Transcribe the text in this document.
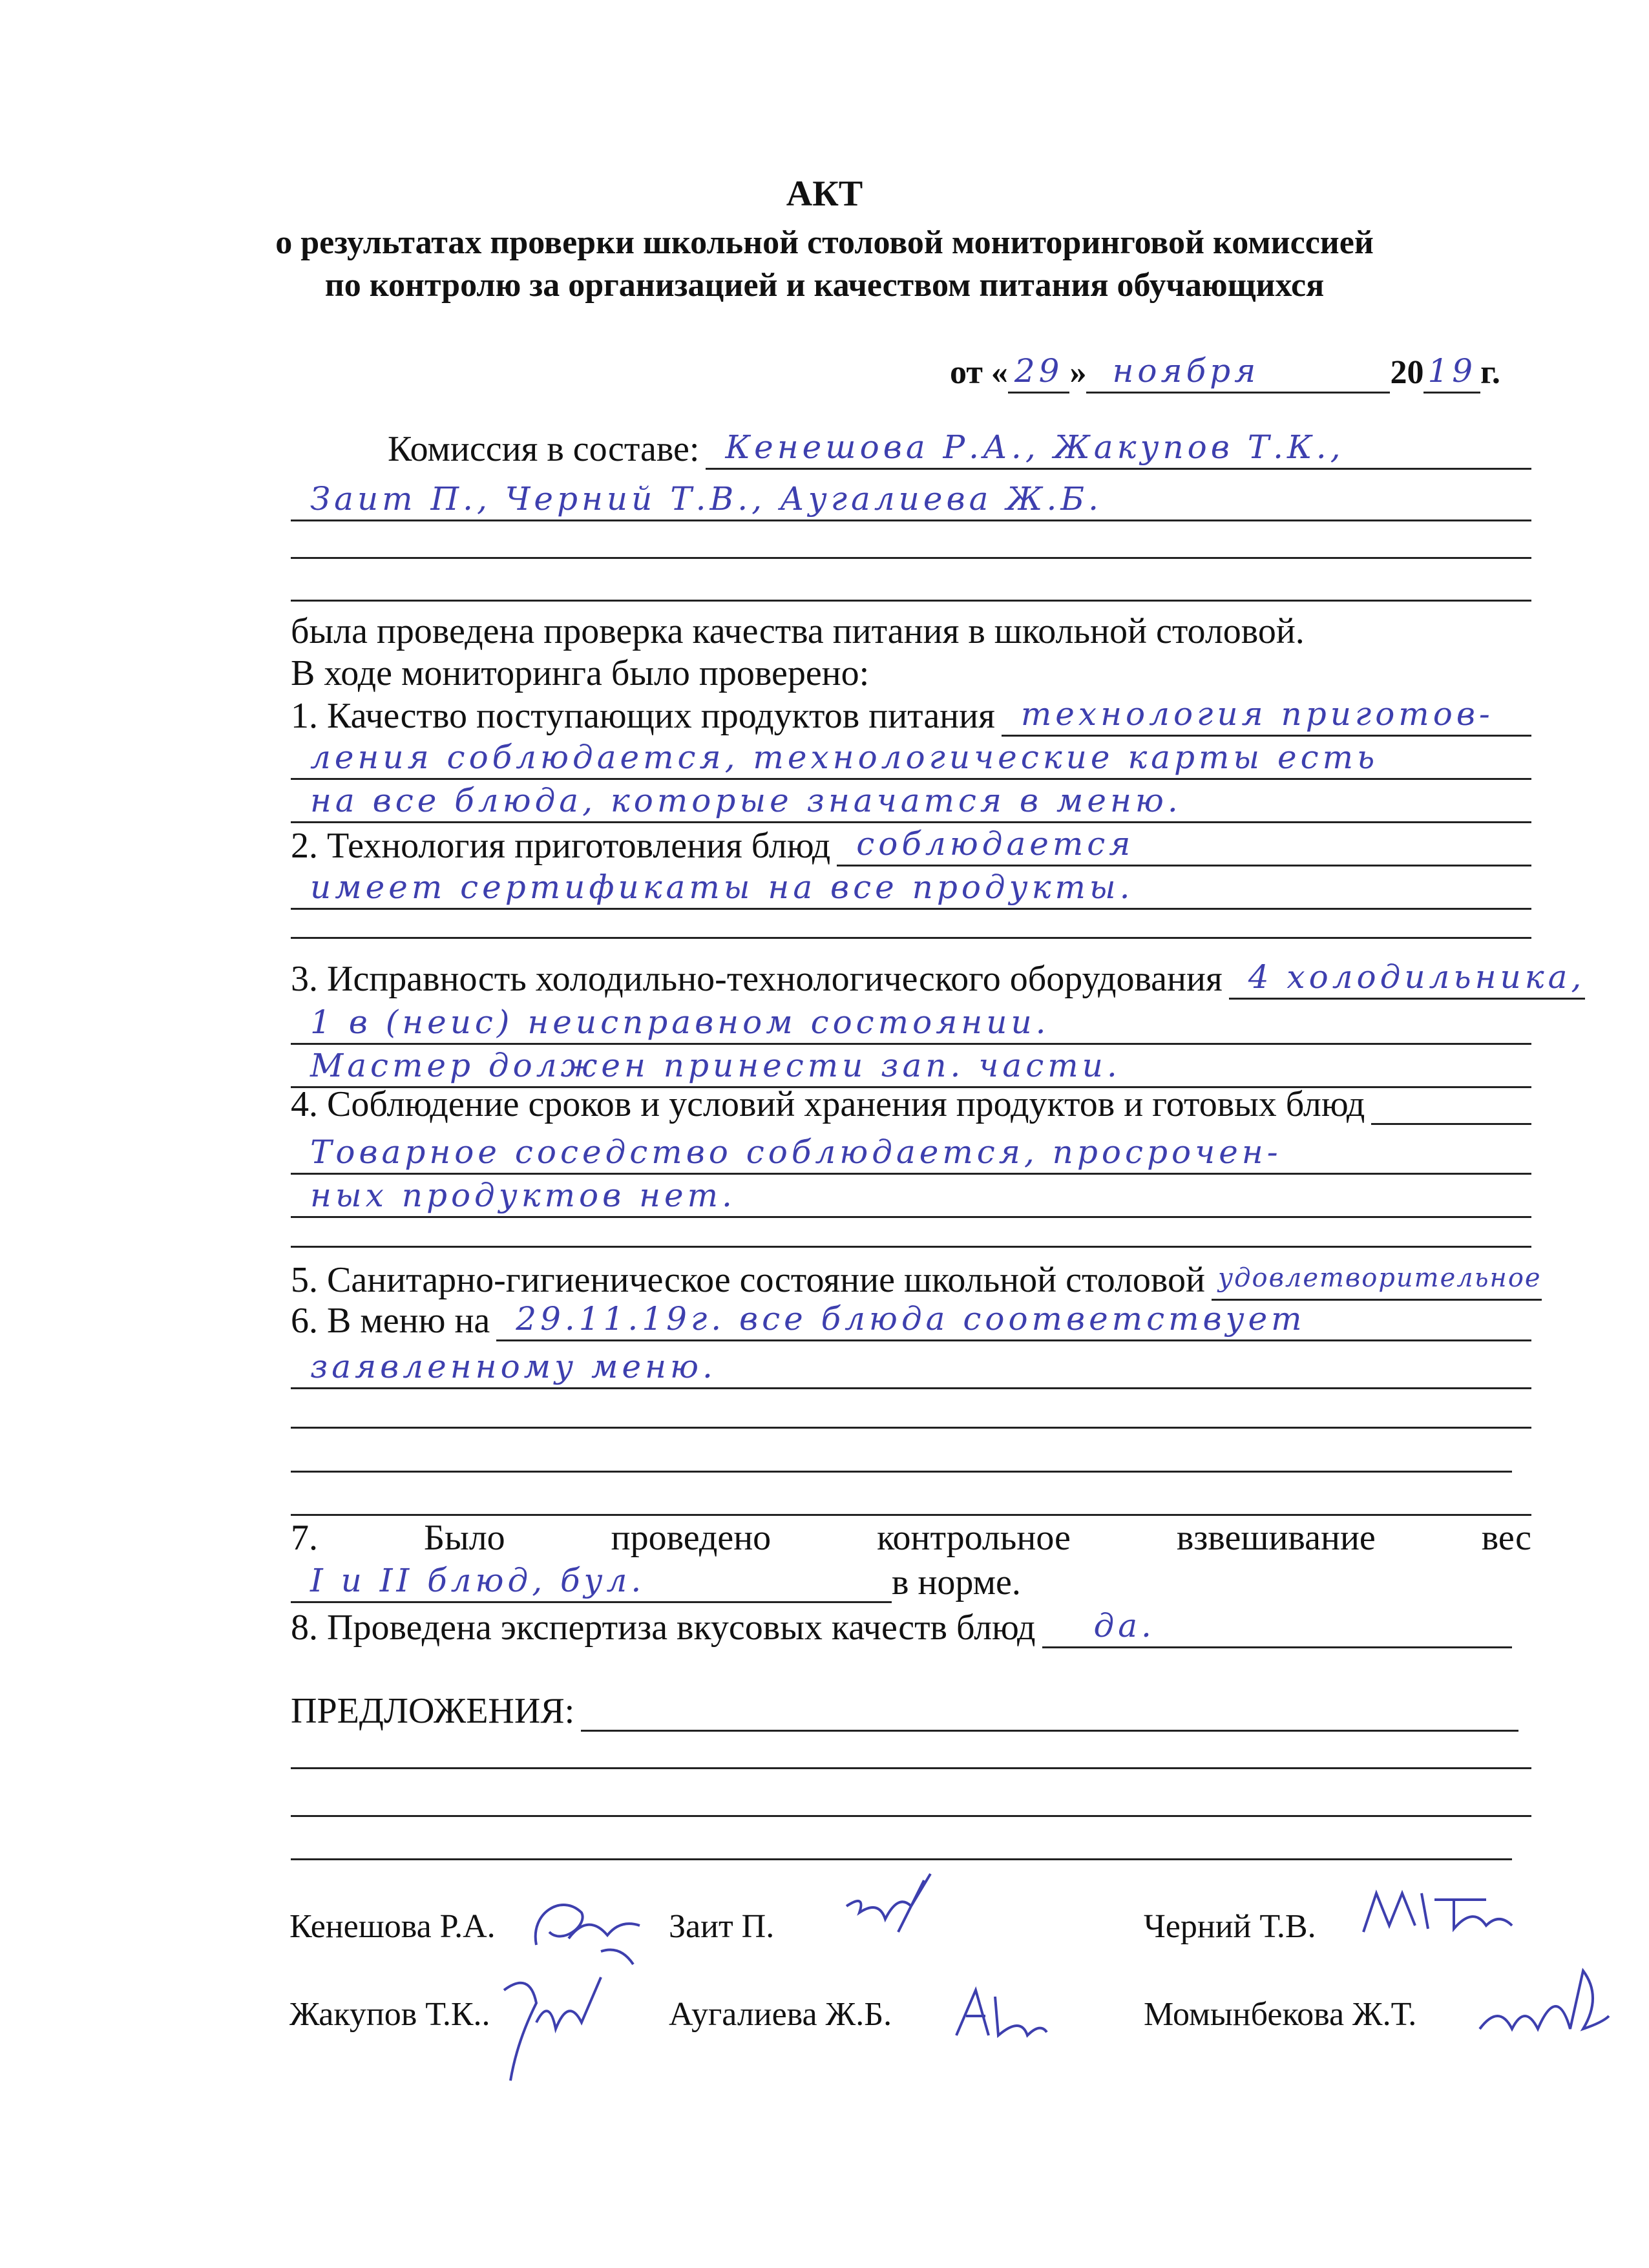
АКТ
о результатах проверки школьной столовой мониторинговой комиссией
по контролю за организацией и качеством питания обучающихся
от « 29 » ноября	20 19 г.
Комиссия в составе: Кенешова Р.А., Жакупов Т.К.,
Заит П., Черний Т.В., Аугалиева Ж.Б.
была проведена проверка качества питания в школьной столовой.
В ходе мониторинга было проверено:
1. Качество поступающих продуктов питания технология приготов-
ления соблюдается, технологические карты есть
на все блюда, которые значатся в меню.
2. Технология приготовления блюд соблюдается
имеет сертификаты на все продукты.
3. Исправность холодильно-технологического оборудования 4 холодильника,
1 в (неис) неисправном состоянии.
Мастер должен принести зап. части.
4. Соблюдение сроков и условий хранения продуктов и готовых блюд
Товарное соседство соблюдается, просрочен-
ных продуктов нет.
5. Санитарно-гигиеническое состояние школьной столовой удовлетворительное
6. В меню на 29.11.19г. все блюда соответствует
заявленному меню.
7.	Было	проведено	контрольное	взвешивание	вес
I и II блюд, бул.	в норме.
8. Проведена экспертиза вкусовых качеств блюд	да.
ПРЕДЛОЖЕНИЯ:
Кенешова Р.А.	Заит П.	Черний Т.В.
Жакупов Т.К..	Аугалиева Ж.Б.	Момынбекова Ж.Т.
